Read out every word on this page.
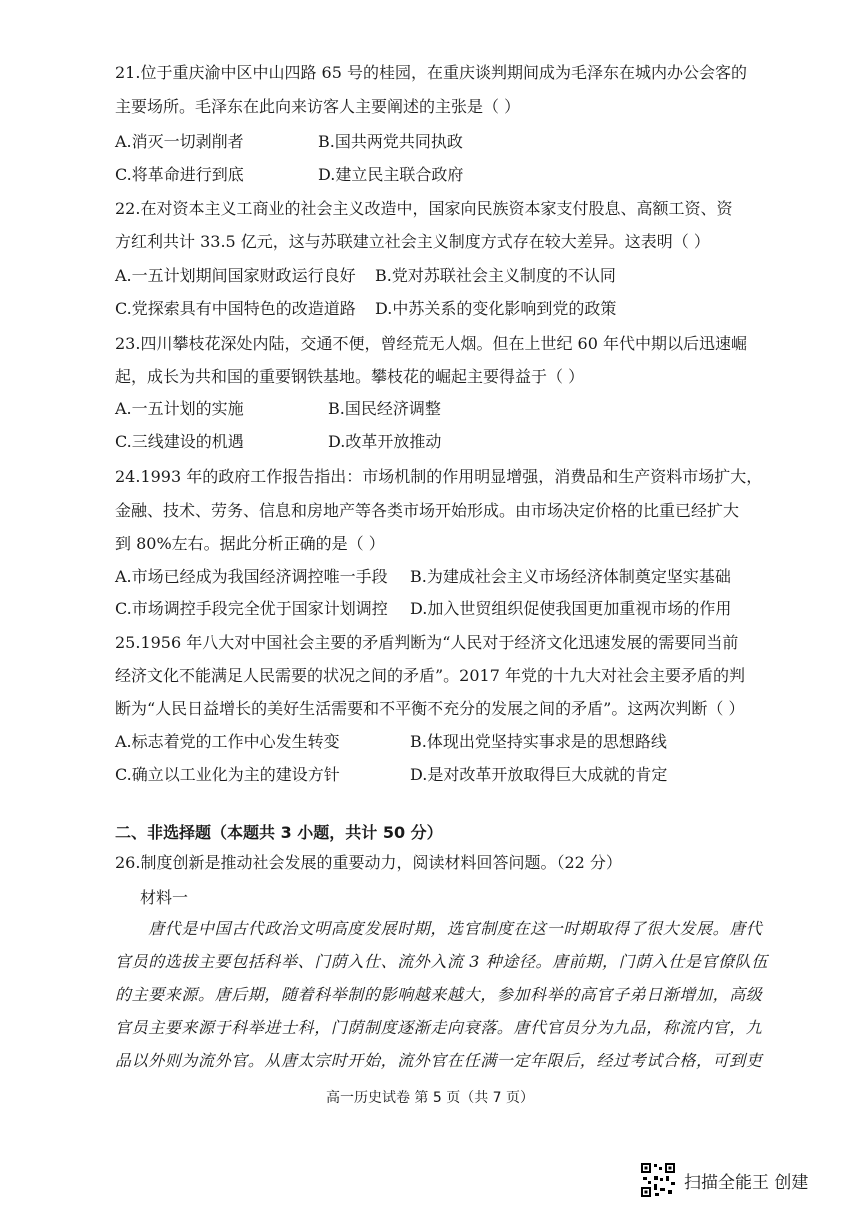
21.位于重庆渝中区中山四路 65 号的桂园，在重庆谈判期间成为毛泽东在城内办公会客的
主要场所。毛泽东在此向来访客人主要阐述的主张是（ ）
A.消灭一切剥削者	B.国共两党共同执政
C.将革命进行到底	D.建立民主联合政府
22.在对资本主义工商业的社会主义改造中，国家向民族资本家支付股息、高额工资、资
方红利共计 33.5 亿元，这与苏联建立社会主义制度方式存在较大差异。这表明（ ）
A.一五计划期间国家财政运行良好 B.党对苏联社会主义制度的不认同
C.党探索具有中国特色的改造道路 D.中苏关系的变化影响到党的政策
23.四川攀枝花深处内陆，交通不便，曾经荒无人烟。但在上世纪 60 年代中期以后迅速崛
起，成长为共和国的重要钢铁基地。攀枝花的崛起主要得益于（ ）
A.一五计划的实施	B.国民经济调整
C.三线建设的机遇	D.改革开放推动
24.1993 年的政府工作报告指出：市场机制的作用明显增强，消费品和生产资料市场扩大，
金融、技术、劳务、信息和房地产等各类市场开始形成。由市场决定价格的比重已经扩大
到 80%左右。据此分析正确的是（ ）
A.市场已经成为我国经济调控唯一手段 B.为建成社会主义市场经济体制奠定坚实基础
C.市场调控手段完全优于国家计划调控 D.加入世贸组织促使我国更加重视市场的作用
25.1956 年八大对中国社会主要的矛盾判断为“人民对于经济文化迅速发展的需要同当前
经济文化不能满足人民需要的状况之间的矛盾”。2017 年党的十九大对社会主要矛盾的判
断为“人民日益增长的美好生活需要和不平衡不充分的发展之间的矛盾”。这两次判断（ ）
A.标志着党的工作中心发生转变	B.体现出党坚持实事求是的思想路线
C.确立以工业化为主的建设方针	D.是对改革开放取得巨大成就的肯定
二、非选择题（本题共 3 小题，共计 50 分）
26.制度创新是推动社会发展的重要动力，阅读材料回答问题。（22 分）
材料一
　　唐代是中国古代政治文明高度发展时期，选官制度在这一时期取得了很大发展。唐代
官员的选拔主要包括科举、门荫入仕、流外入流 3 种途径。唐前期，门荫入仕是官僚队伍
的主要来源。唐后期，随着科举制的影响越来越大，参加科举的高官子弟日渐增加，高级
官员主要来源于科举进士科，门荫制度逐渐走向衰落。唐代官员分为九品，称流内官，九
品以外则为流外官。从唐太宗时开始，流外官在任满一定年限后，经过考试合格，可到吏
高一历史试卷 第 5 页（共 7 页）
扫描全能王 创建
